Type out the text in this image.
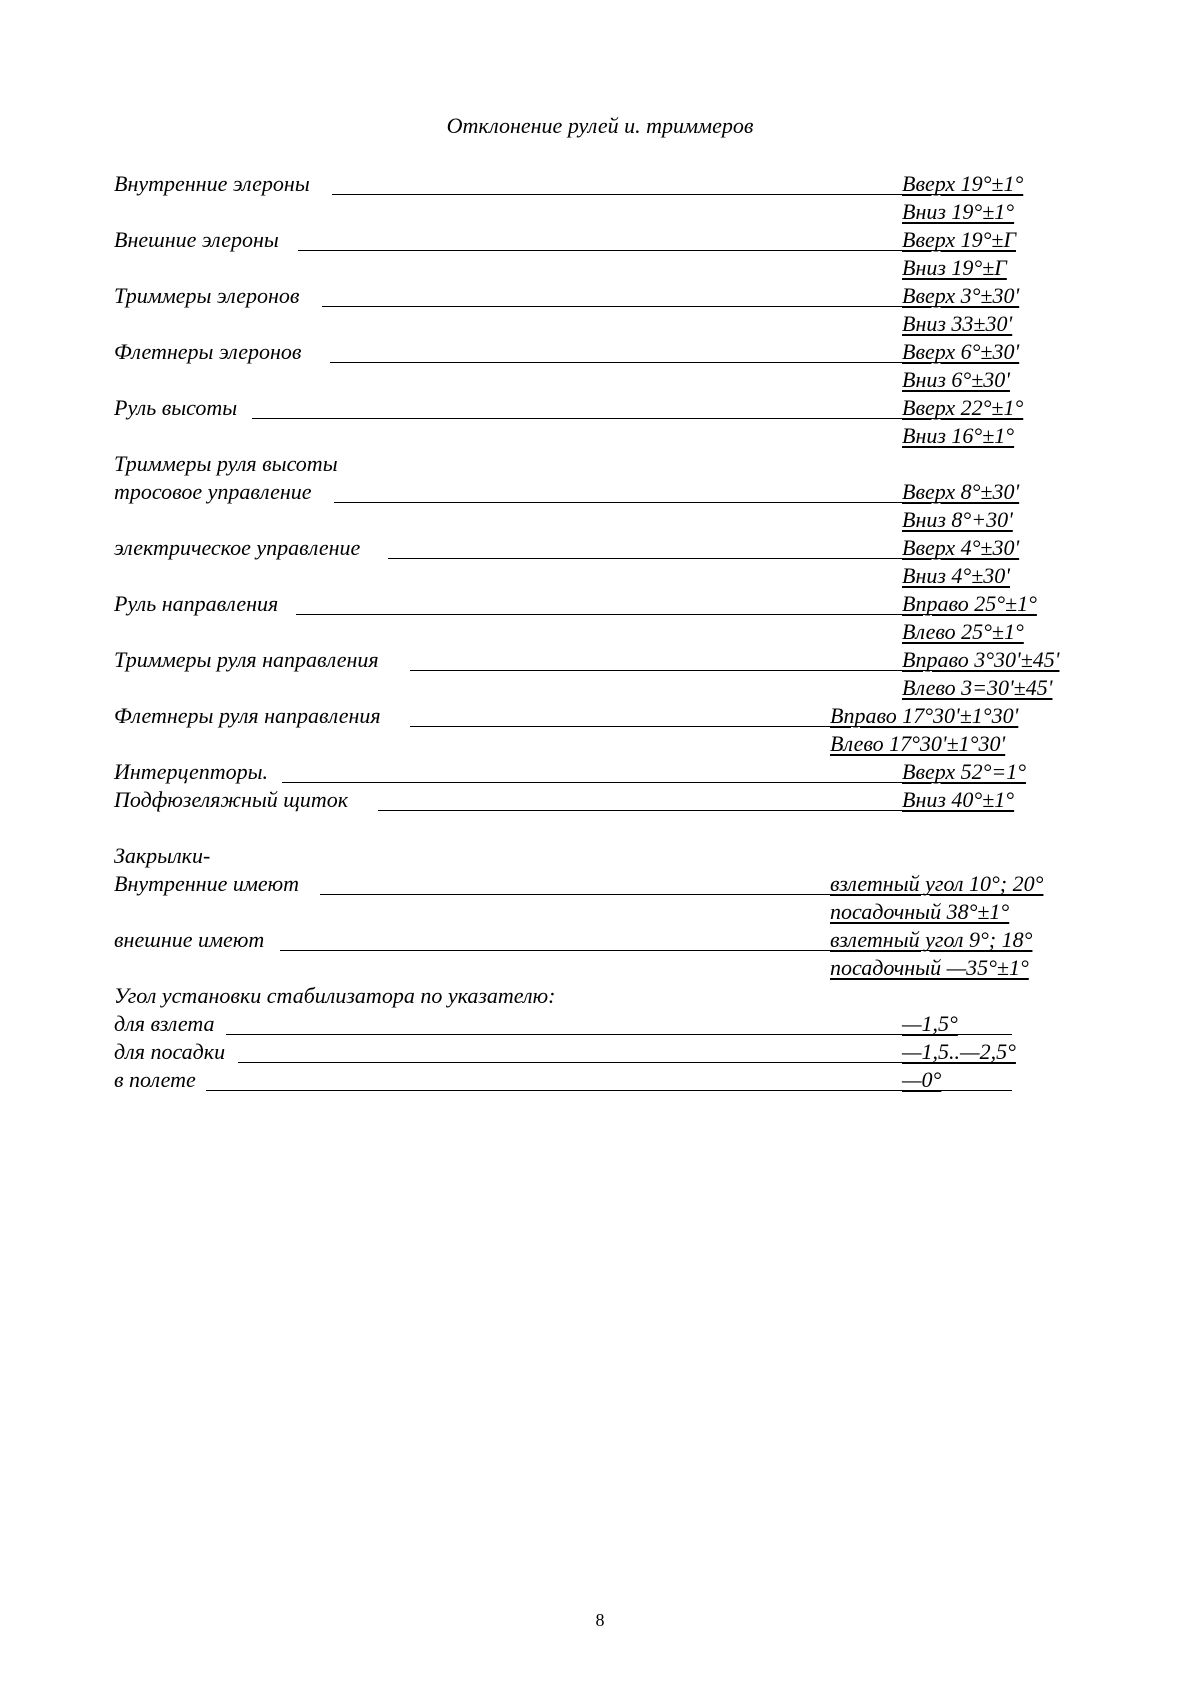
Отклонение рулей и. триммеров
Внутренние элероны	Вверх 19°±1°
Вниз 19°±1°
Внешние элероны	Вверх 19°±Г
Вниз 19°±Г
Триммеры элеронов	Вверх 3°±30'
Вниз 33±30'
Флетнеры элеронов	Вверх 6°±30'
Вниз 6°±30'
Руль высоты	Вверх 22°±1°
Вниз 16°±1°
Триммеры руля высоты
тросовое управление	Вверх 8°±30'
Вниз 8°+30'
электрическое управление	Вверх 4°±30'
Вниз 4°±30'
Руль направления	Вправо 25°±1°
Влево 25°±1°
Триммеры руля направления	Вправо 3°30'±45'
Влево 3=30'±45'
Флетнеры руля направления	Вправо 17°30'±1°30'
Влево 17°30'±1°30'
Интерцепторы.	Вверх 52°=1°
Подфюзеляжный щиток	Вниз 40°±1°
Закрылки-
Внутренние имеют	взлетный угол 10°; 20°
посадочный 38°±1°
внешние имеют	взлетный угол 9°; 18°
посадочный —35°±1°
Угол установки стабилизатора по указателю:
для взлета	—1,5°
для посадки	—1,5..—2,5°
в полете	—0°
8
